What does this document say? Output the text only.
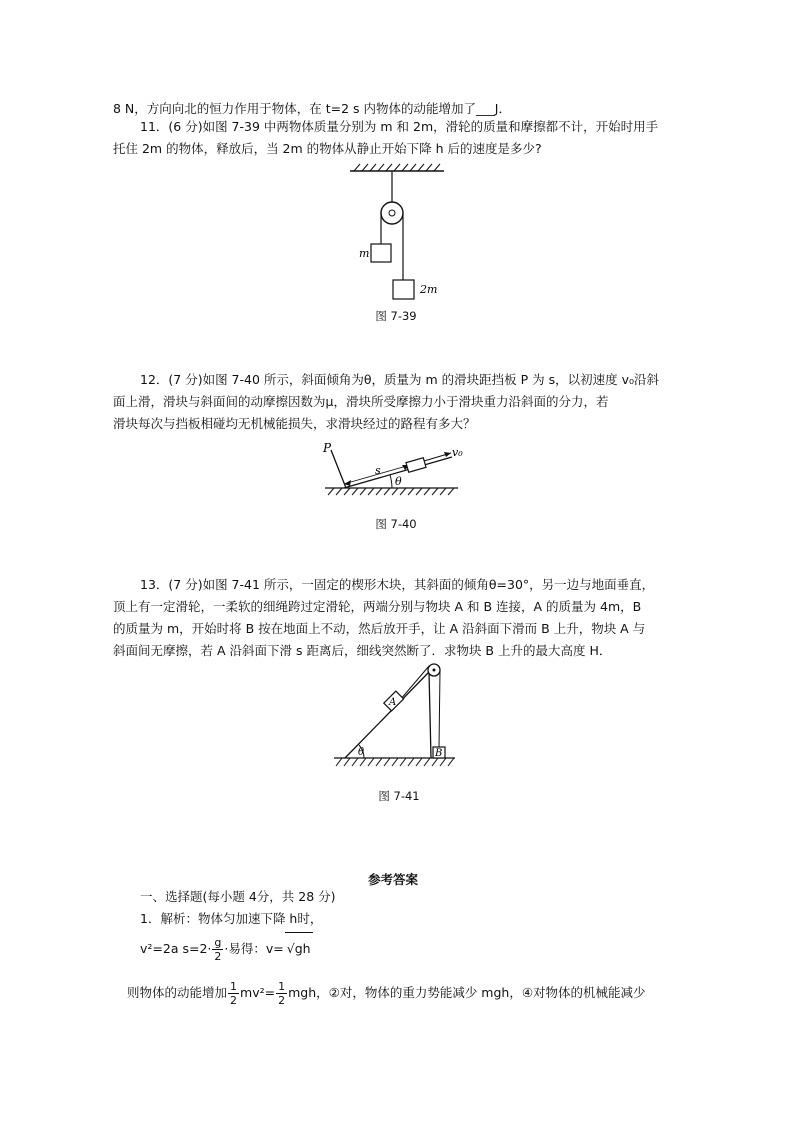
8 N，方向向北的恒力作用于物体，在 t=2 s 内物体的动能增加了___J．
11．(6 分)如图 7-39 中两物体质量分别为 m 和 2m，滑轮的质量和摩擦都不计，开始时用手
托住 2m 的物体，释放后，当 2m 的物体从静止开始下降 h 后的速度是多少?
m
2m
图 7-39
12．(7 分)如图 7-40 所示，斜面倾角为θ，质量为 m 的滑块距挡板 P 为 s，以初速度 v₀沿斜
面上滑，滑块与斜面间的动摩擦因数为μ，滑块所受摩擦力小于滑块重力沿斜面的分力，若
滑块每次与挡板相碰均无机械能损失，求滑块经过的路程有多大？
P
s
v₀
θ
图 7-40
13．(7 分)如图 7-41 所示，一固定的楔形木块，其斜面的倾角θ=30°，另一边与地面垂直，
顶上有一定滑轮，一柔软的细绳跨过定滑轮，两端分别与物块 A 和 B 连接，A 的质量为 4m，B
的质量为 m，开始时将 B 按在地面上不动，然后放开手，让 A 沿斜面下滑而 B 上升，物块 A 与
斜面间无摩擦，若 A 沿斜面下滑 s 距离后，细线突然断了．求物块 B 上升的最大高度 H．
A
B
θ
图 7-41
参考答案
一、选择题(每小题 4分，共 28 分)
1．解析：物体匀加速下降 h时，
v²=2a $s=2\cdot \frac{g}{2}$ ·易得：v= √gh
则物体的动能增加 $\frac{1}{2} mv^2= \frac{1}{2}$ mgh，②对，物体的重力势能减少 mgh，④对物体的机械能减少
